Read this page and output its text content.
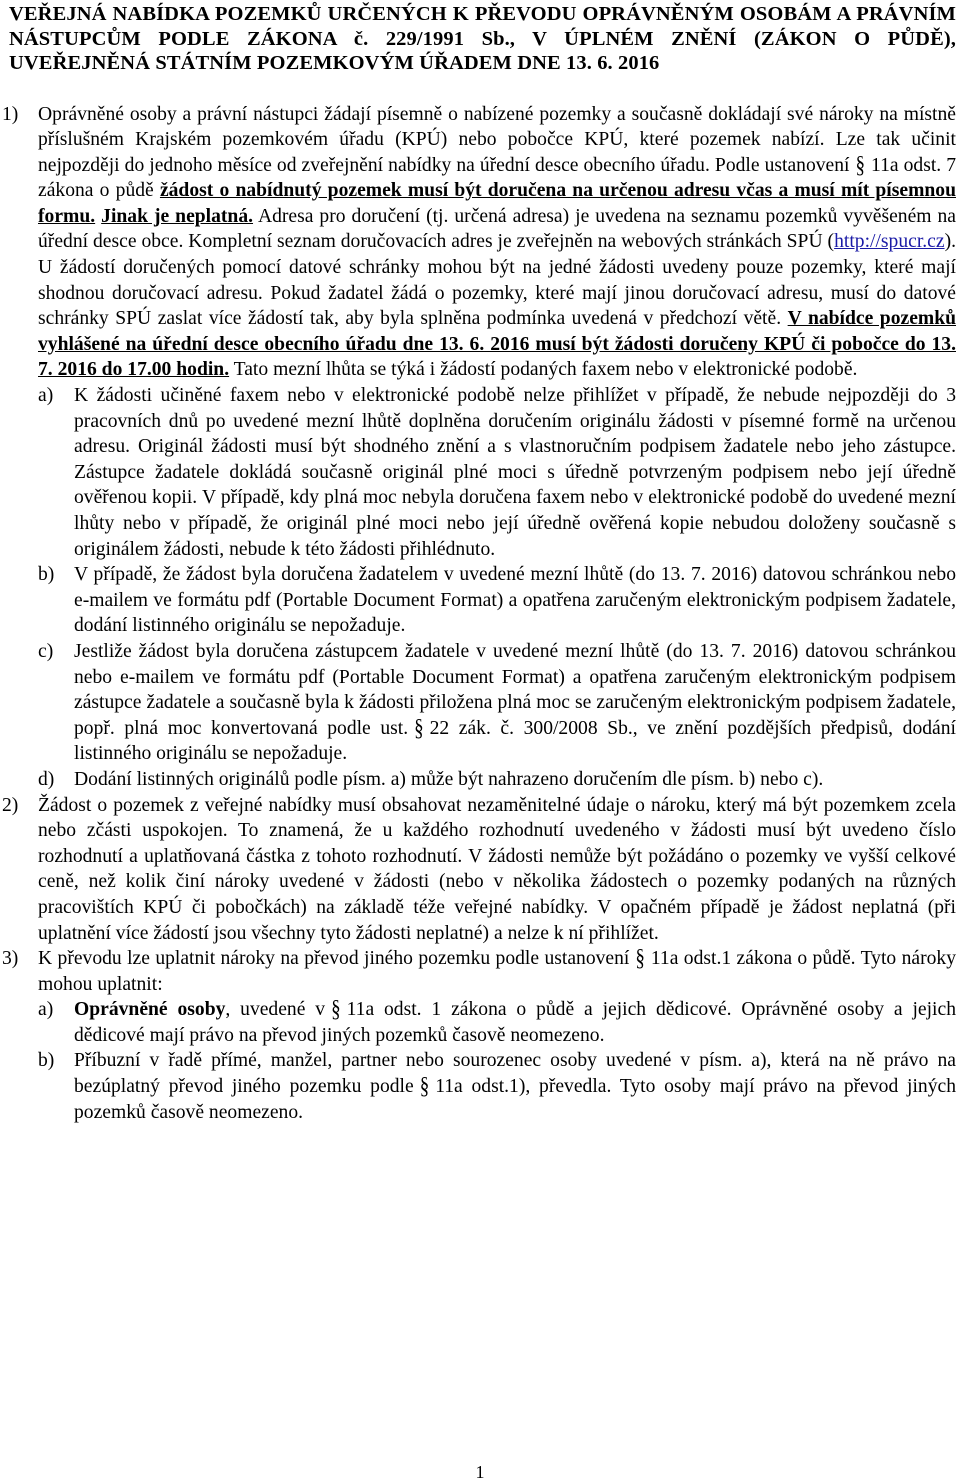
VEŘEJNÁ NABÍDKA POZEMKŮ URČENÝCH K PŘEVODU OPRÁVNĚNÝM OSOBÁM A PRÁVNÍM NÁSTUPCŮM PODLE ZÁKONA č. 229/1991 Sb., V ÚPLNÉM ZNĚNÍ (ZÁKON O PŮDĚ), UVEŘEJNĚNÁ STÁTNÍM POZEMKOVÝM ÚŘADEM DNE 13. 6. 2016
1) Oprávněné osoby a právní nástupci žádají písemně o nabízené pozemky a současně dokládají své nároky na místně příslušném Krajském pozemkovém úřadu (KPÚ) nebo pobočce KPÚ, které pozemek nabízí. Lze tak učinit nejpozději do jednoho měsíce od zveřejnění nabídky na úřední desce obecního úřadu. Podle ustanovení § 11a odst. 7 zákona o půdě žádost o nabídnutý pozemek musí být doručena na určenou adresu včas a musí mít písemnou formu. Jinak je neplatná. Adresa pro doručení (tj. určená adresa) je uvedena na seznamu pozemků vyvěšeném na úřední desce obce. Kompletní seznam doručovacích adres je zveřejněn na webových stránkách SPÚ (http://spucr.cz). U žádostí doručených pomocí datové schránky mohou být na jedné žádosti uvedeny pouze pozemky, které mají shodnou doručovací adresu. Pokud žadatel žádá o pozemky, které mají jinou doručovací adresu, musí do datové schránky SPÚ zaslat více žádostí tak, aby byla splněna podmínka uvedená v předchozí větě. V nabídce pozemků vyhlášené na úřední desce obecního úřadu dne 13. 6. 2016 musí být žádosti doručeny KPÚ či pobočce do 13. 7. 2016 do 17.00 hodin. Tato mezní lhůta se týká i žádostí podaných faxem nebo v elektronické podobě.

a) K žádosti učiněné faxem nebo v elektronické podobě nelze přihlížet v případě, že nebude nejpozději do 3 pracovních dnů po uvedené mezní lhůtě doplněna doručením originálu žádosti v písemné formě na určenou adresu. Originál žádosti musí být shodného znění a s vlastnoručním podpisem žadatele nebo jeho zástupce. Zástupce žadatele dokládá současně originál plné moci s úředně potvrzeným podpisem nebo její úředně ověřenou kopii. V případě, kdy plná moc nebyla doručena faxem nebo v elektronické podobě do uvedené mezní lhůty nebo v případě, že originál plné moci nebo její úředně ověřená kopie nebudou doloženy současně s originálem žádosti, nebude k této žádosti přihlédnuto.
b) V případě, že žádost byla doručena žadatelem v uvedené mezní lhůtě (do 13. 7. 2016) datovou schránkou nebo e-mailem ve formátu pdf (Portable Document Format) a opatřena zaručeným elektronickým podpisem žadatele, dodání listinného originálu se nepožaduje.
c) Jestliže žádost byla doručena zástupcem žadatele v uvedené mezní lhůtě (do 13. 7. 2016) datovou schránkou nebo e-mailem ve formátu pdf (Portable Document Format) a opatřena zaručeným elektronickým podpisem zástupce žadatele a současně byla k žádosti přiložena plná moc se zaručeným elektronickým podpisem žadatele, popř. plná moc konvertovaná podle ust. § 22 zák. č. 300/2008 Sb., ve znění pozdějších předpisů, dodání listinného originálu se nepožaduje.
d) Dodání listinných originálů podle písm. a) může být nahrazeno doručením dle písm. b) nebo c).
2) Žádost o pozemek z veřejné nabídky musí obsahovat nezaměnitelné údaje o nároku, který má být pozemkem zcela nebo zčásti uspokojen. To znamená, že u každého rozhodnutí uvedeného v žádosti musí být uvedeno číslo rozhodnutí a uplatňovaná částka z tohoto rozhodnutí. V žádosti nemůže být požádáno o pozemky ve vyšší celkové ceně, než kolik činí nároky uvedené v žádosti (nebo v několika žádostech o pozemky podaných na různých pracovištích KPÚ či pobočkách) na základě téže veřejné nabídky. V opačném případě je žádost neplatná (při uplatnění více žádostí jsou všechny tyto žádosti neplatné) a nelze k ní přihlížet.

3) K převodu lze uplatnit nároky na převod jiného pozemku podle ustanovení § 11a odst.1 zákona o půdě. Tyto nároky mohou uplatnit:

a) Oprávněné osoby, uvedené v § 11a odst. 1 zákona o půdě a jejich dědicové. Oprávněné osoby a jejich dědicové mají právo na převod jiných pozemků časově neomezeno.
b) Příbuzní v řadě přímé, manžel, partner nebo sourozenec osoby uvedené v písm. a), která na ně právo na bezúplatný převod jiného pozemku podle § 11a odst.1), převedla. Tyto osoby mají právo na převod jiných pozemků časově neomezeno.
1
